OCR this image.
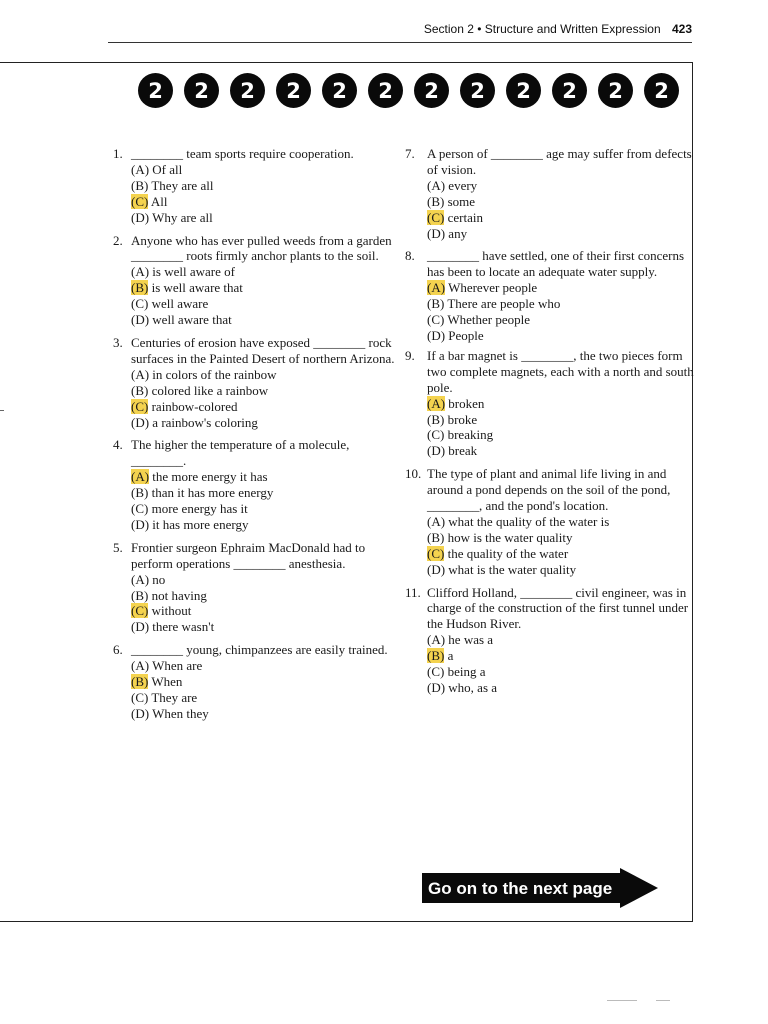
Section 2 • Structure and Written Expression 423
2	2	2	2	2	2	2	2	2	2	2	2
1. ________ team sports require cooperation.
(A) Of all
(B) They are all
(C) All
(D) Why are all
2. Anyone who has ever pulled weeds from a garden ________ roots firmly anchor plants to the soil.
(A) is well aware of
(B) is well aware that
(C) well aware
(D) well aware that
3. Centuries of erosion have exposed ________ rock surfaces in the Painted Desert of northern Arizona.
(A) in colors of the rainbow
(B) colored like a rainbow
(C) rainbow-colored
(D) a rainbow's coloring
4. The higher the temperature of a molecule, ________.
(A) the more energy it has
(B) than it has more energy
(C) more energy has it
(D) it has more energy
5. Frontier surgeon Ephraim MacDonald had to perform operations ________ anesthesia.
(A) no
(B) not having
(C) without
(D) there wasn't
6. ________ young, chimpanzees are easily trained.
(A) When are
(B) When
(C) They are
(D) When they
7. A person of ________ age may suffer from defects of vision.
(A) every
(B) some
(C) certain
(D) any
8. ________ have settled, one of their first concerns has been to locate an adequate water supply.
(A) Wherever people
(B) There are people who
(C) Whether people
(D) People
9. If a bar magnet is ________, the two pieces form two complete magnets, each with a north and south pole.
(A) broken
(B) broke
(C) breaking
(D) break
10. The type of plant and animal life living in and around a pond depends on the soil of the pond, ________, and the pond's location.
(A) what the quality of the water is
(B) how is the water quality
(C) the quality of the water
(D) what is the water quality
11. Clifford Holland, ________ civil engineer, was in charge of the construction of the first tunnel under the Hudson River.
(A) he was a
(B) a
(C) being a
(D) who, as a
Go on to the next page
